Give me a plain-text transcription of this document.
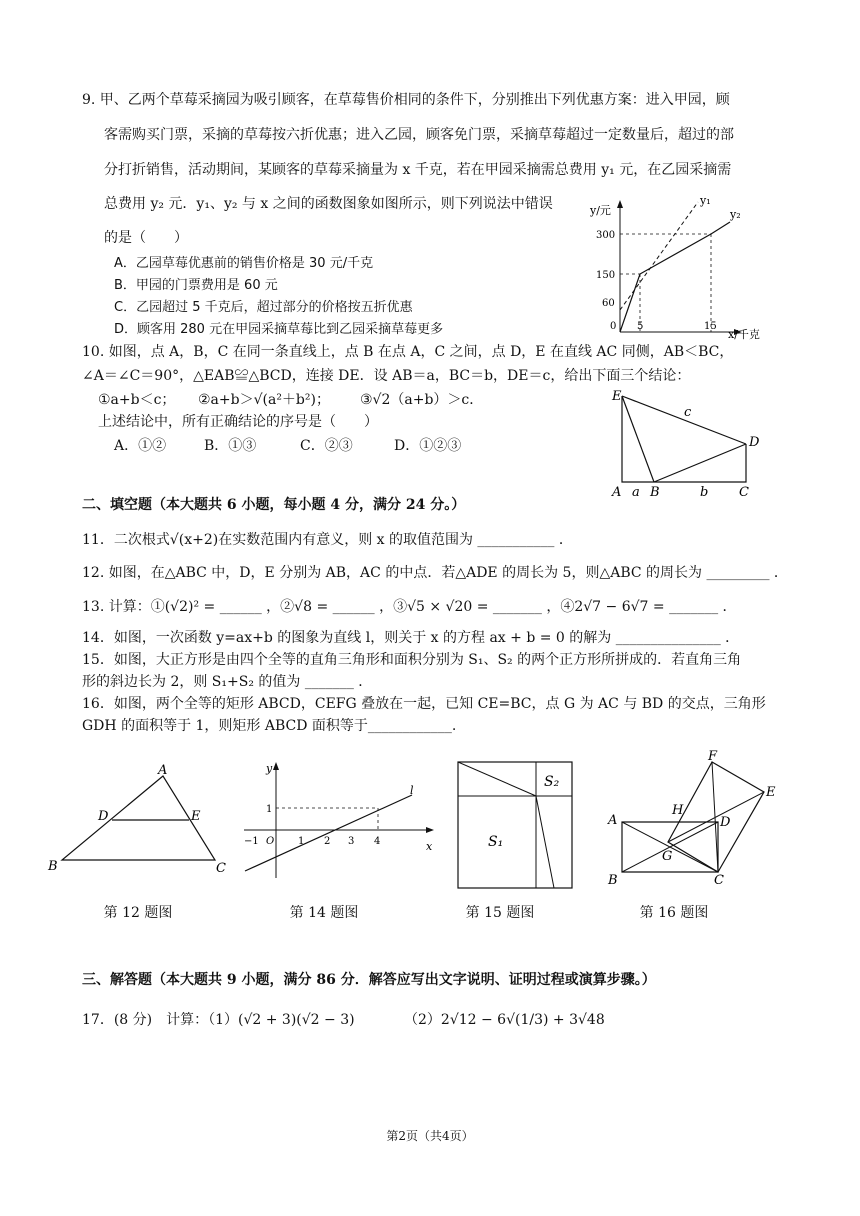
9. 甲、乙两个草莓采摘园为吸引顾客，在草莓售价相同的条件下，分别推出下列优惠方案：进入甲园，顾
客需购买门票，采摘的草莓按六折优惠；进入乙园，顾客免门票，采摘草莓超过一定数量后，超过的部
分打折销售，活动期间，某顾客的草莓采摘量为 x 千克，若在甲园采摘需总费用 y₁ 元，在乙园采摘需
总费用 y₂ 元．y₁、y₂ 与 x 之间的函数图象如图所示，则下列说法中错误
的是（　　）
A．乙园草莓优惠前的销售价格是 30 元/千克
B．甲园的门票费用是 60 元
C．乙园超过 5 千克后，超过部分的价格按五折优惠
D．顾客用 280 元在甲园采摘草莓比到乙园采摘草莓更多
y/元
x/千克
y₁
y₂
300
150
60
0 5	15
10. 如图，点 A，B，C 在同一条直线上，点 B 在点 A，C 之间，点 D，E 在直线 AC 同侧，AB＜BC，
∠A＝∠C＝90°，△EAB≌△BCD，连接 DE．设 AB＝a，BC＝b，DE＝c，给出下面三个结论：
①a+b＜c； ②a+b＞√(a²＋b²)； ③√2（a+b）＞c．
上述结论中，所有正确结论的序号是（　　）
A．①②	B．①③	C．②③	D．①②③
E
D
A B	C
a	b
c
二、填空题（本大题共 6 小题，每小题 4 分，满分 24 分。）
11．二次根式√(x+2)在实数范围内有意义，则 x 的取值范围为 ___________ ．
12. 如图，在△ABC 中，D，E 分别为 AB，AC 的中点．若△ADE 的周长为 5，则△ABC 的周长为 _________ ．
13. 计算：①(√2)² = ______ ，②√8 = ______ ，③√5 × √20 = _______ ，④2√7 − 6√7 = _______ ．
14．如图，一次函数 y=ax+b 的图象为直线 l，则关于 x 的方程 ax + b = 0 的解为 _______________ ．
15．如图，大正方形是由四个全等的直角三角形和面积分别为 S₁、S₂ 的两个正方形所拼成的．若直角三角
形的斜边长为 2，则 S₁+S₂ 的值为 _______ ．
16．如图，两个全等的矩形 ABCD，CEFG 叠放在一起，已知 CE=BC，点 G 为 AC 与 BD 的交点，三角形
GDH 的面积等于 1，则矩形 ABCD 面积等于____________.
A
D	E
B	C
y
x
l
O
−1
1
1 2 3 4
S₂
S₁
F
E
H
A	D
G
B	C
第 12 题图	第 14 题图	第 15 题图	第 16 题图
三、解答题（本大题共 9 小题，满分 86 分．解答应写出文字说明、证明过程或演算步骤。）
17．(8 分)　计算：（1）(√2 + 3)(√2 − 3)	（2）2√12 − 6√(1/3) + 3√48
第2页（共4页）
